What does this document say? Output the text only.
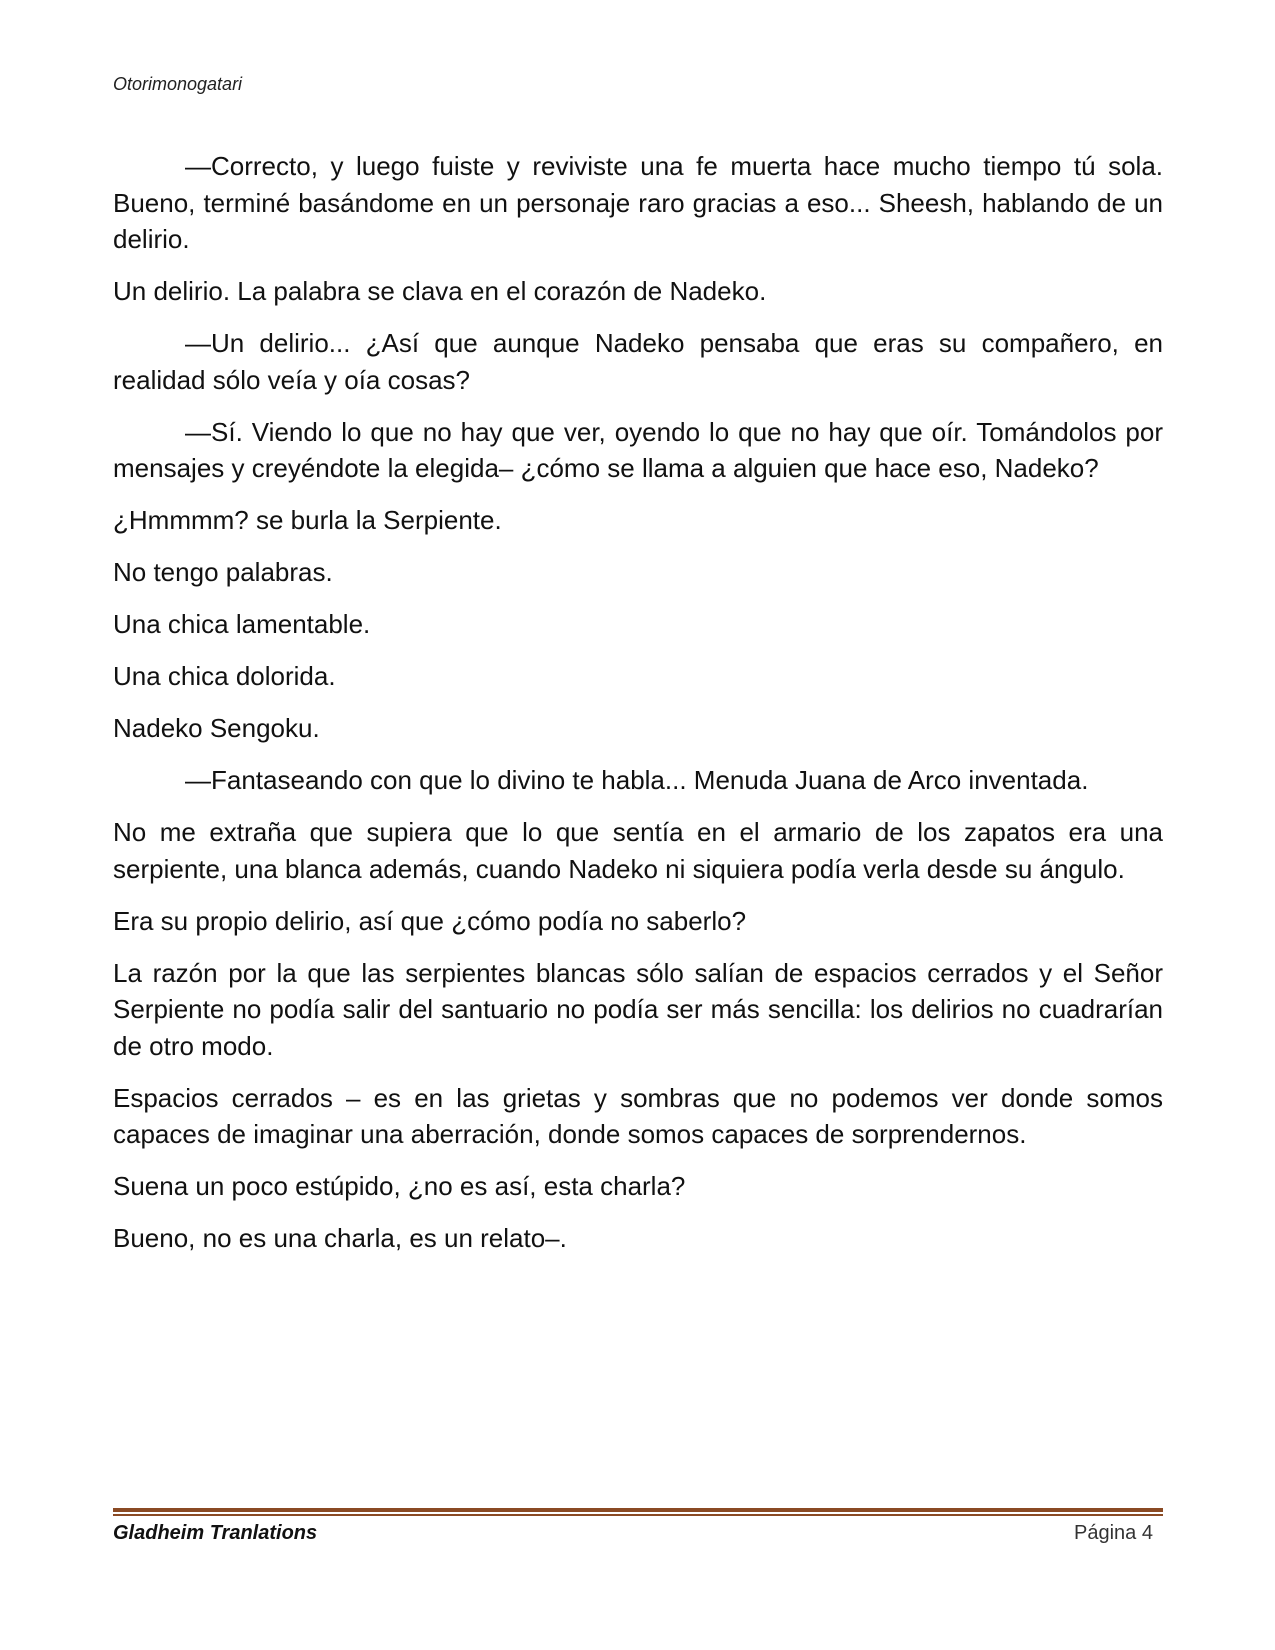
Otorimonogatari

—Correcto, y luego fuiste y reviviste una fe muerta hace mucho tiempo tú sola. Bueno, terminé basándome en un personaje raro gracias a eso... Sheesh, hablando de un delirio.

Un delirio. La palabra se clava en el corazón de Nadeko.

—Un delirio... ¿Así que aunque Nadeko pensaba que eras su compañero, en realidad sólo veía y oía cosas?

—Sí. Viendo lo que no hay que ver, oyendo lo que no hay que oír. Tomándolos por mensajes y creyéndote la elegida– ¿cómo se llama a alguien que hace eso, Nadeko?

¿Hmmmm? se burla la Serpiente.

No tengo palabras.

Una chica lamentable.

Una chica dolorida.

Nadeko Sengoku.

—Fantaseando con que lo divino te habla... Menuda Juana de Arco inventada.

No me extraña que supiera que lo que sentía en el armario de los zapatos era una serpiente, una blanca además, cuando Nadeko ni siquiera podía verla desde su ángulo.

Era su propio delirio, así que ¿cómo podía no saberlo?

La razón por la que las serpientes blancas sólo salían de espacios cerrados y el Señor Serpiente no podía salir del santuario no podía ser más sencilla: los delirios no cuadrarían de otro modo.

Espacios cerrados – es en las grietas y sombras que no podemos ver donde somos capaces de imaginar una aberración, donde somos capaces de sorprendernos.

Suena un poco estúpido, ¿no es así, esta charla?

Bueno, no es una charla, es un relato–.

Gladheim Tranlations	Página 4
